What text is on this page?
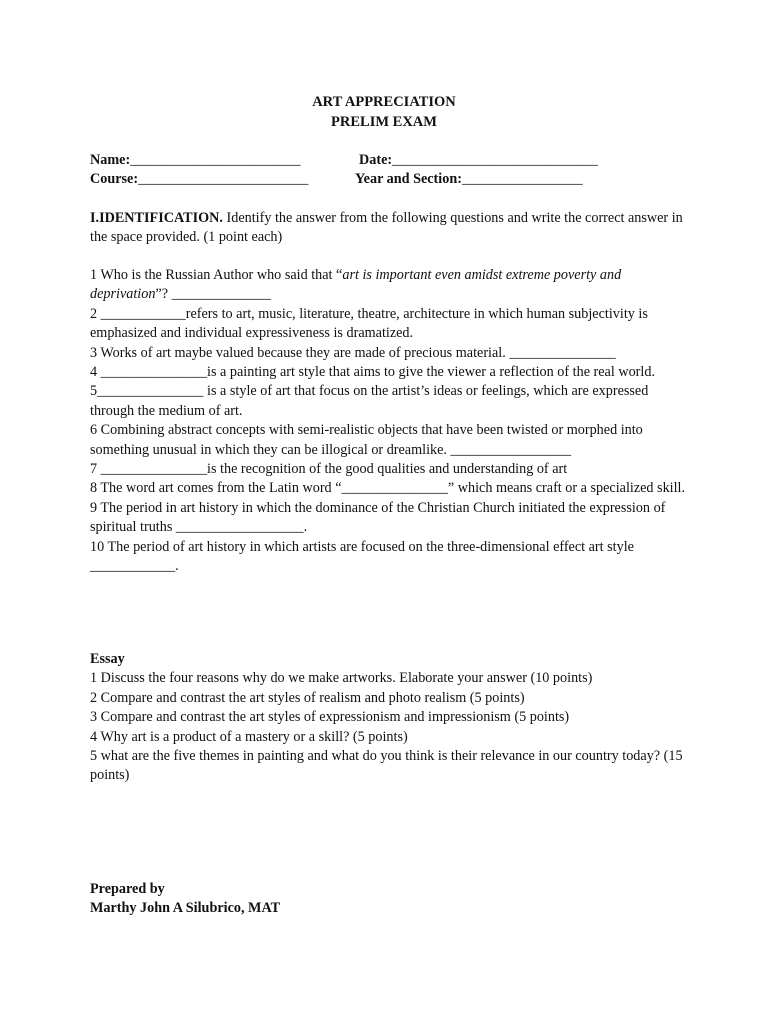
ART APPRECIATION
PRELIM EXAM
Name:________________________	Date:_____________________________
Course:________________________	Year and Section:_________________

I.IDENTIFICATION. Identify the answer from the following questions and write the correct answer in the space provided. (1 point each)

1 Who is the Russian Author who said that “art is important even amidst extreme poverty and deprivation”? ______________

2 ____________refers to art, music, literature, theatre, architecture in which human subjectivity is emphasized and individual expressiveness is dramatized.

3 Works of art maybe valued because they are made of precious material. _______________

4 _______________is a painting art style that aims to give the viewer a reflection of the real world.

5_______________ is a style of art that focus on the artist’s ideas or feelings, which are expressed through the medium of art.

6 Combining abstract concepts with semi-realistic objects that have been twisted or morphed into something unusual in which they can be illogical or dreamlike. _________________

7 _______________is the recognition of the good qualities and understanding of art

8 The word art comes from the Latin word “_______________” which means craft or a specialized skill.

9 The period in art history in which the dominance of the Christian Church initiated the expression of spiritual truths __________________.

10 The period of art history in which artists are focused on the three-dimensional effect art style ____________.

Essay

1 Discuss the four reasons why do we make artworks. Elaborate your answer (10 points)

2 Compare and contrast the art styles of realism and photo realism (5 points)

3 Compare and contrast the art styles of expressionism and impressionism (5 points)

4 Why art is a product of a mastery or a skill? (5 points)

5 what are the five themes in painting and what do you think is their relevance in our country today? (15 points)

Prepared by

Marthy John A Silubrico, MAT
